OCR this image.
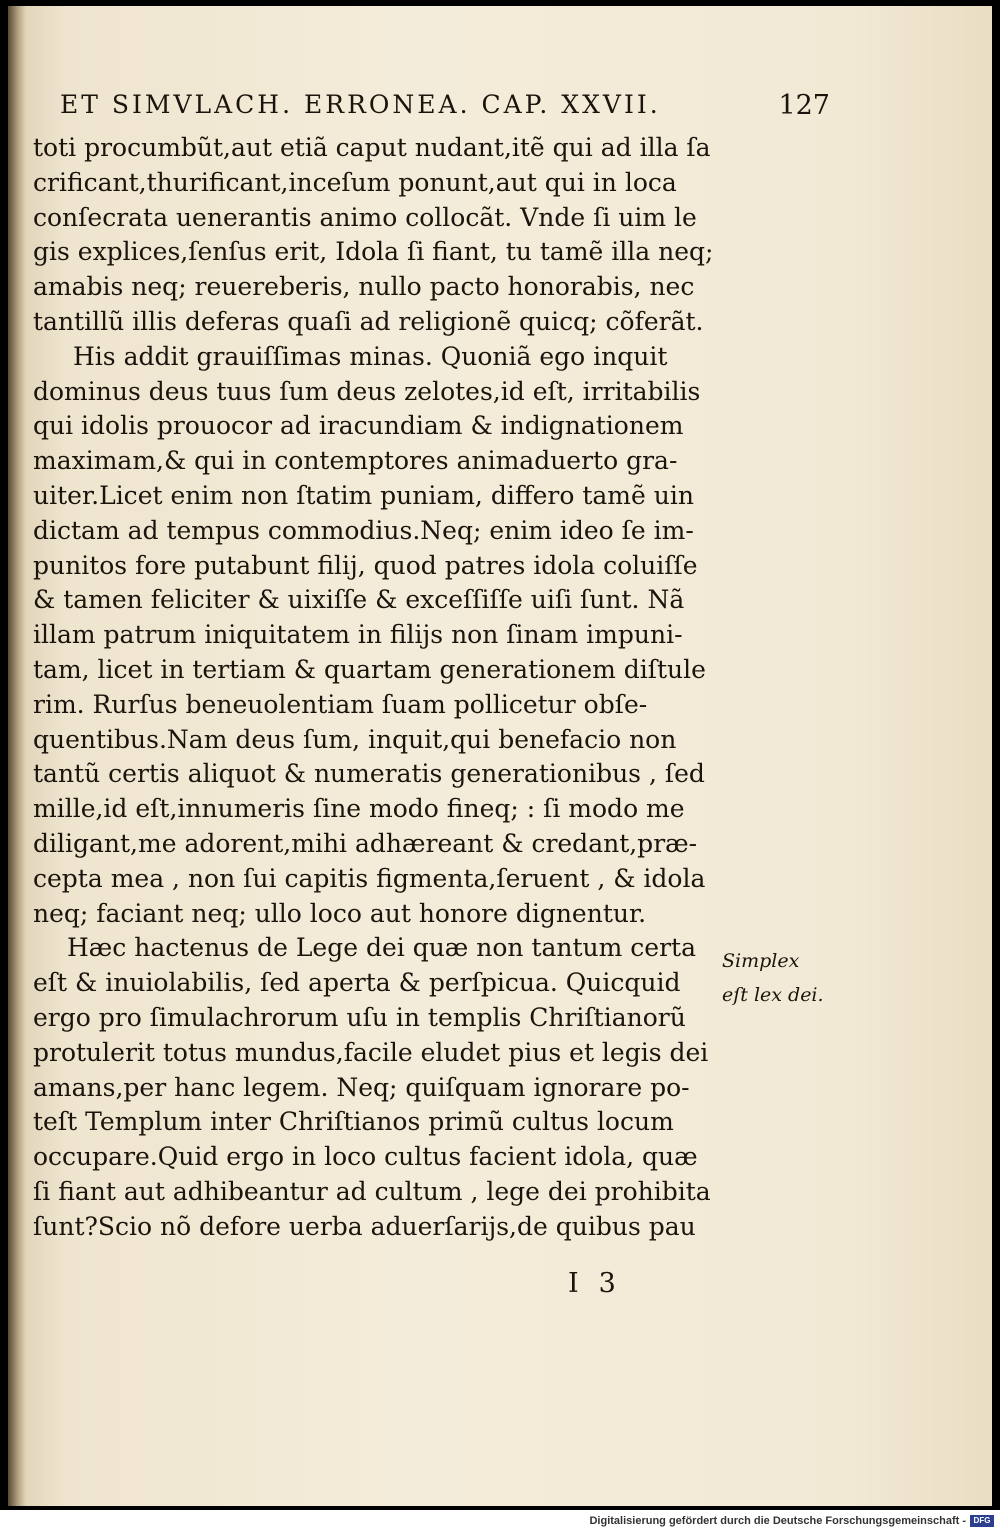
ET SIMVLACH. ERRONEA. CAP. XXVII.	127
toti procumbũt,aut etiã caput nudant,itẽ qui ad illa ſa
crificant,thurificant,inceſum ponunt,aut qui in loca
conſecrata uenerantis animo collocãt. Vnde ſi uim le
gis explices,ſenſus erit, Idola ſi fiant, tu tamẽ illa neq;
amabis neq; reuereberis, nullo pacto honorabis, nec
tantillũ illis deferas quaſi ad religionẽ quicq; cõferãt.
His addit grauiſſimas minas. Quoniã ego inquit
dominus deus tuus ſum deus zelotes,id eſt, irritabilis
qui idolis prouocor ad iracundiam & indignationem
maximam,& qui in contemptores animaduerto gra-
uiter.Licet enim non ſtatim puniam, differo tamẽ uin
dictam ad tempus commodius.Neq; enim ideo ſe im-
punitos fore putabunt filij, quod patres idola coluiſſe
& tamen feliciter & uixiſſe & exceſſiſſe uiſi ſunt. Nã
illam patrum iniquitatem in filijs non ſinam impuni-
tam, licet in tertiam & quartam generationem diſtule
rim. Rurſus beneuolentiam ſuam pollicetur obſe-
quentibus.Nam deus ſum, inquit,qui benefacio non
tantũ certis aliquot & numeratis generationibus , ſed
mille,id eſt,innumeris ſine modo fineq; : ſi modo me
diligant,me adorent,mihi adhæreant & credant,præ-
cepta mea , non ſui capitis figmenta,ſeruent , & idola
neq; faciant neq; ullo loco aut honore dignentur.
Hæc hactenus de Lege dei quæ non tantum certa
eſt & inuiolabilis, ſed aperta & perſpicua. Quicquid
ergo pro ſimulachrorum uſu in templis Chriſtianorũ
protulerit totus mundus,facile eludet pius et legis dei
amans,per hanc legem. Neq; quiſquam ignorare po-
teſt Templum inter Chriſtianos primũ cultus locum
occupare.Quid ergo in loco cultus facient idola, quæ
ſi fiant aut adhibeantur ad cultum , lege dei prohibita
ſunt?Scio nõ defore uerba aduerſarijs,de quibus pau
Simplex
eſt lex dei.
I3
Digitalisierung gefördert durch die Deutsche Forschungsgemeinschaft - DFG
